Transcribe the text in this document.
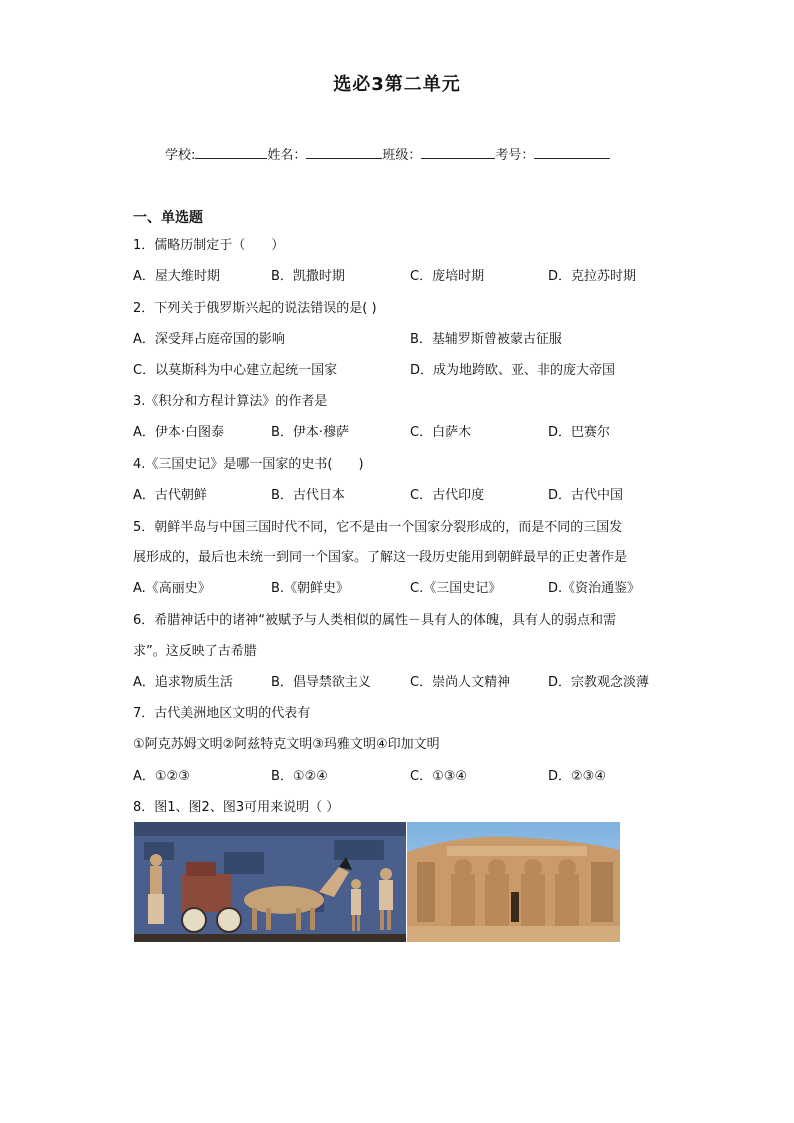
选必3第二单元
学校:	姓名：	班级：	考号：
一、单选题
1．儒略历制定于（　　）
A．屋大维时期	B．凯撒时期	C．庞培时期	D．克拉苏时期
2．下列关于俄罗斯兴起的说法错误的是( )
A．深受拜占庭帝国的影响	B．基辅罗斯曾被蒙古征服
C．以莫斯科为中心建立起统一国家	D．成为地跨欧、亚、非的庞大帝国
3.《积分和方程计算法》的作者是
A．伊本·白图泰	B．伊本·穆萨	C．白萨木	D．巴赛尔
4.《三国史记》是哪一国家的史书(　　)
A．古代朝鲜	B．古代日本	C．古代印度	D．古代中国
5．朝鲜半岛与中国三国时代不同，它不是由一个国家分裂形成的，而是不同的三国发
展形成的，最后也未统一到同一个国家。了解这一段历史能用到朝鲜最早的正史著作是
A.《高丽史》	B.《朝鲜史》	C.《三国史记》	D.《资治通鉴》
6．希腊神话中的诸神“被赋予与人类相似的属性－具有人的体魄，具有人的弱点和需
求”。这反映了古希腊
A．追求物质生活	B．倡导禁欲主义	C．崇尚人文精神	D．宗教观念淡薄
7．古代美洲地区文明的代表有
①阿克苏姆文明②阿兹特克文明③玛雅文明④印加文明
A．①②③	B．①②④	C．①③④	D．②③④
8．图1、图2、图3可用来说明（ ）
